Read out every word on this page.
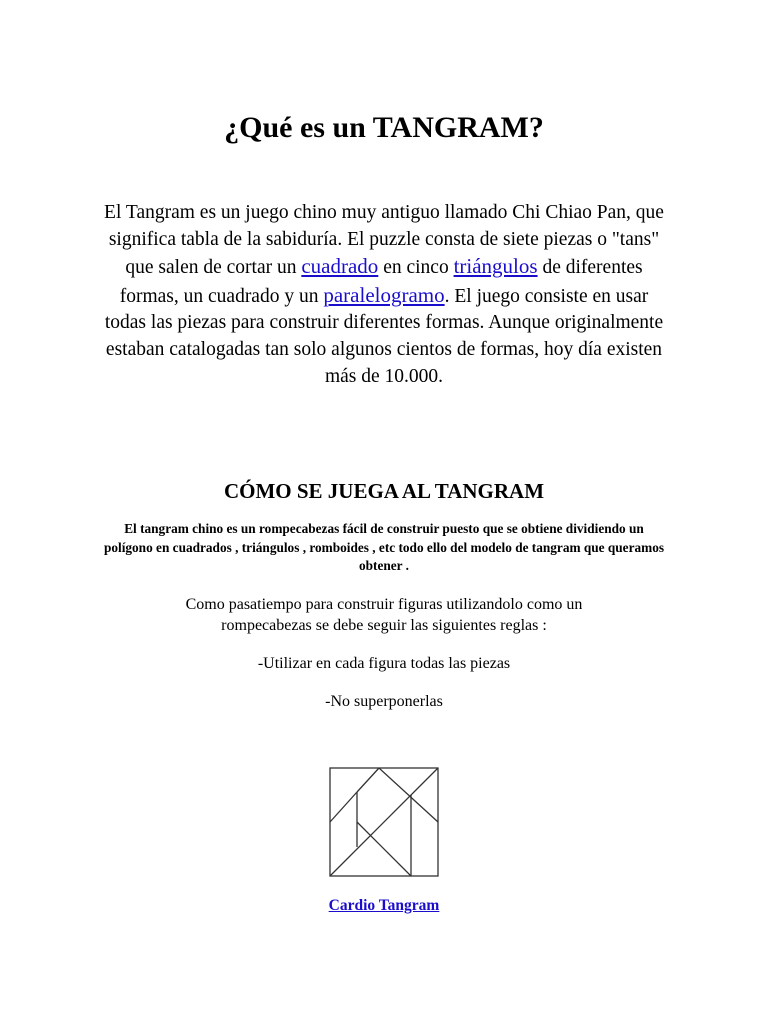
¿Qué es un TANGRAM?
El Tangram es un juego chino muy antiguo llamado Chi Chiao Pan, que significa tabla de la sabiduría. El puzzle consta de siete piezas o "tans" que salen de cortar un cuadrado en cinco triángulos de diferentes formas, un cuadrado y un paralelogramo. El juego consiste en usar todas las piezas para construir diferentes formas. Aunque originalmente estaban catalogadas tan solo algunos cientos de formas, hoy día existen más de 10.000.
CÓMO SE JUEGA AL TANGRAM
El tangram chino es un rompecabezas fácil de construir puesto que se obtiene dividiendo un polígono en cuadrados , triángulos , romboides , etc todo ello del modelo de tangram que queramos obtener .

Como pasatiempo para construir figuras utilizandolo como un

rompecabezas se debe seguir las siguientes reglas :

-Utilizar en cada figura todas las piezas

-No superponerlas

Cardio Tangram
